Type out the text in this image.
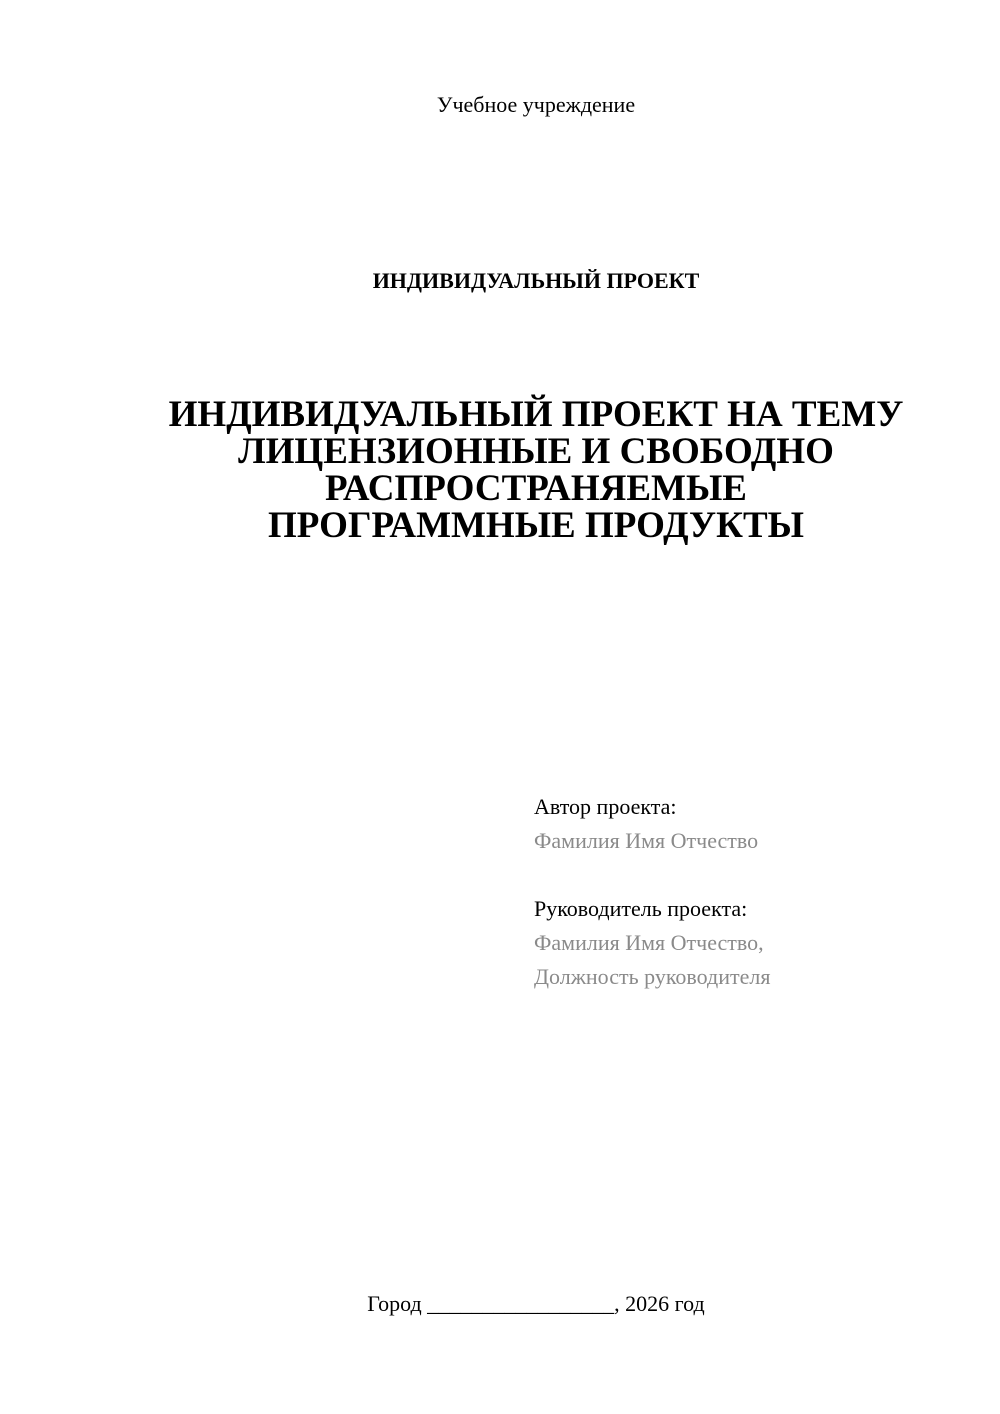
Учебное учреждение
ИНДИВИДУАЛЬНЫЙ ПРОЕКТ
ИНДИВИДУАЛЬНЫЙ ПРОЕКТ НА ТЕМУ
ЛИЦЕНЗИОННЫЕ И СВОБОДНО
РАСПРОСТРАНЯЕМЫЕ
ПРОГРАММНЫЕ ПРОДУКТЫ
Автор проекта:
Фамилия Имя Отчество
Руководитель проекта:
Фамилия Имя Отчество,
Должность руководителя
Город _________________, 2026 год
